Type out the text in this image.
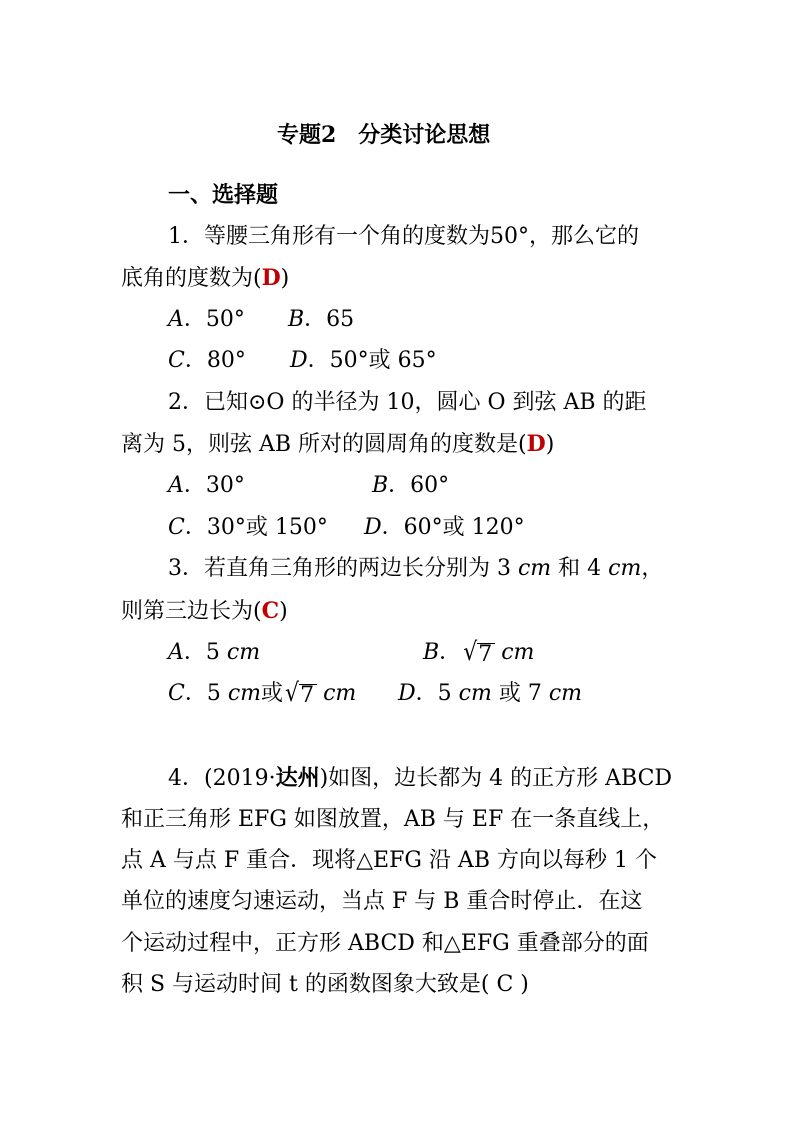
专题2　分类讨论思想
一、选择题
1．等腰三角形有一个角的度数为50°，那么它的
底角的度数为(D)
A．50° B．65
C．80° D．50°或 65°
2．已知⊙O 的半径为 10，圆心 O 到弦 AB 的距
离为 5，则弦 AB 所对的圆周角的度数是(D)
A．30°	B．60°
C．30°或 150° D．60°或 120°
3．若直角三角形的两边长分别为 3 cm 和 4 cm，
则第三边长为(C)
A．5 cm	B． √ 7 cm
C．5 cm或 √ 7 cm D．5 cm 或 7 cm
4．(2019·达州)如图，边长都为 4 的正方形 ABCD
和正三角形 EFG 如图放置，AB 与 EF 在一条直线上，
点 A 与点 F 重合．现将△EFG 沿 AB 方向以每秒 1 个
单位的速度匀速运动，当点 F 与 B 重合时停止．在这
个运动过程中，正方形 ABCD 和△EFG 重叠部分的面
积 S 与运动时间 t 的函数图象大致是( C )
